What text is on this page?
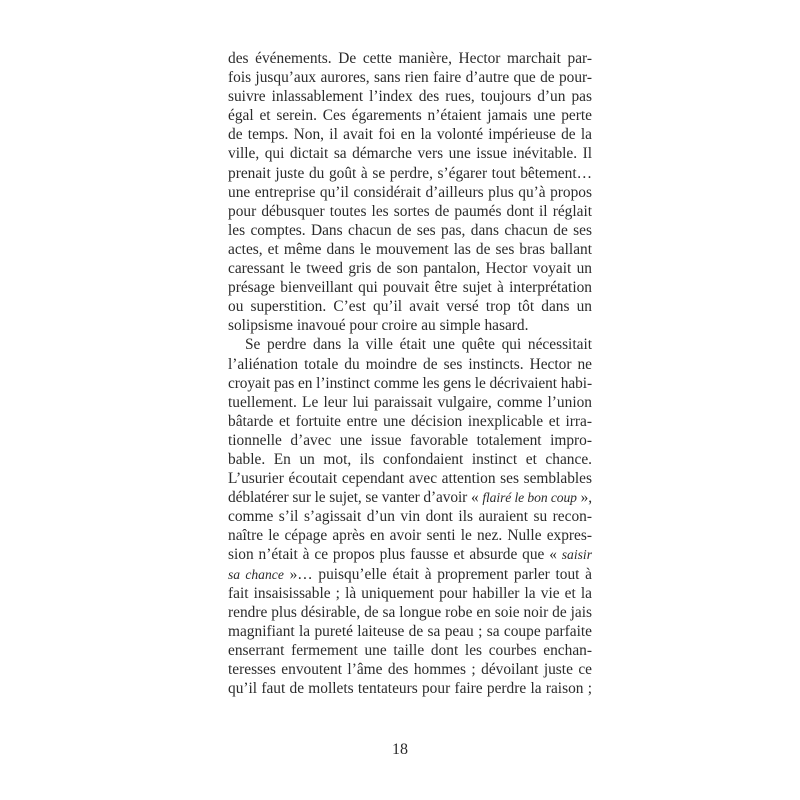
des événements. De cette manière, Hector marchait par-
fois jusqu’aux aurores, sans rien faire d’autre que de pour-
suivre inlassablement l’index des rues, toujours d’un pas
égal et serein. Ces égarements n’étaient jamais une perte
de temps. Non, il avait foi en la volonté impérieuse de la
ville, qui dictait sa démarche vers une issue inévitable. Il
prenait juste du goût à se perdre, s’égarer tout bêtement…
une entreprise qu’il considérait d’ailleurs plus qu’à propos
pour débusquer toutes les sortes de paumés dont il réglait
les comptes. Dans chacun de ses pas, dans chacun de ses
actes, et même dans le mouvement las de ses bras ballant
caressant le tweed gris de son pantalon, Hector voyait un
présage bienveillant qui pouvait être sujet à interprétation
ou superstition. C’est qu’il avait versé trop tôt dans un
solipsisme inavoué pour croire au simple hasard.
Se perdre dans la ville était une quête qui nécessitait
l’aliénation totale du moindre de ses instincts. Hector ne
croyait pas en l’instinct comme les gens le décrivaient habi-
tuellement. Le leur lui paraissait vulgaire, comme l’union
bâtarde et fortuite entre une décision inexplicable et irra-
tionnelle d’avec une issue favorable totalement impro-
bable. En un mot, ils confondaient instinct et chance.
L’usurier écoutait cependant avec attention ses semblables
déblatérer sur le sujet, se vanter d’avoir « flairé le bon coup »,
comme s’il s’agissait d’un vin dont ils auraient su recon-
naître le cépage après en avoir senti le nez. Nulle expres-
sion n’était à ce propos plus fausse et absurde que « saisir
sa chance »… puisqu’elle était à proprement parler tout à
fait insaisissable ; là uniquement pour habiller la vie et la
rendre plus désirable, de sa longue robe en soie noir de jais
magnifiant la pureté laiteuse de sa peau ; sa coupe parfaite
enserrant fermement une taille dont les courbes enchan-
teresses envoutent l’âme des hommes ; dévoilant juste ce
qu’il faut de mollets tentateurs pour faire perdre la raison ;
18
